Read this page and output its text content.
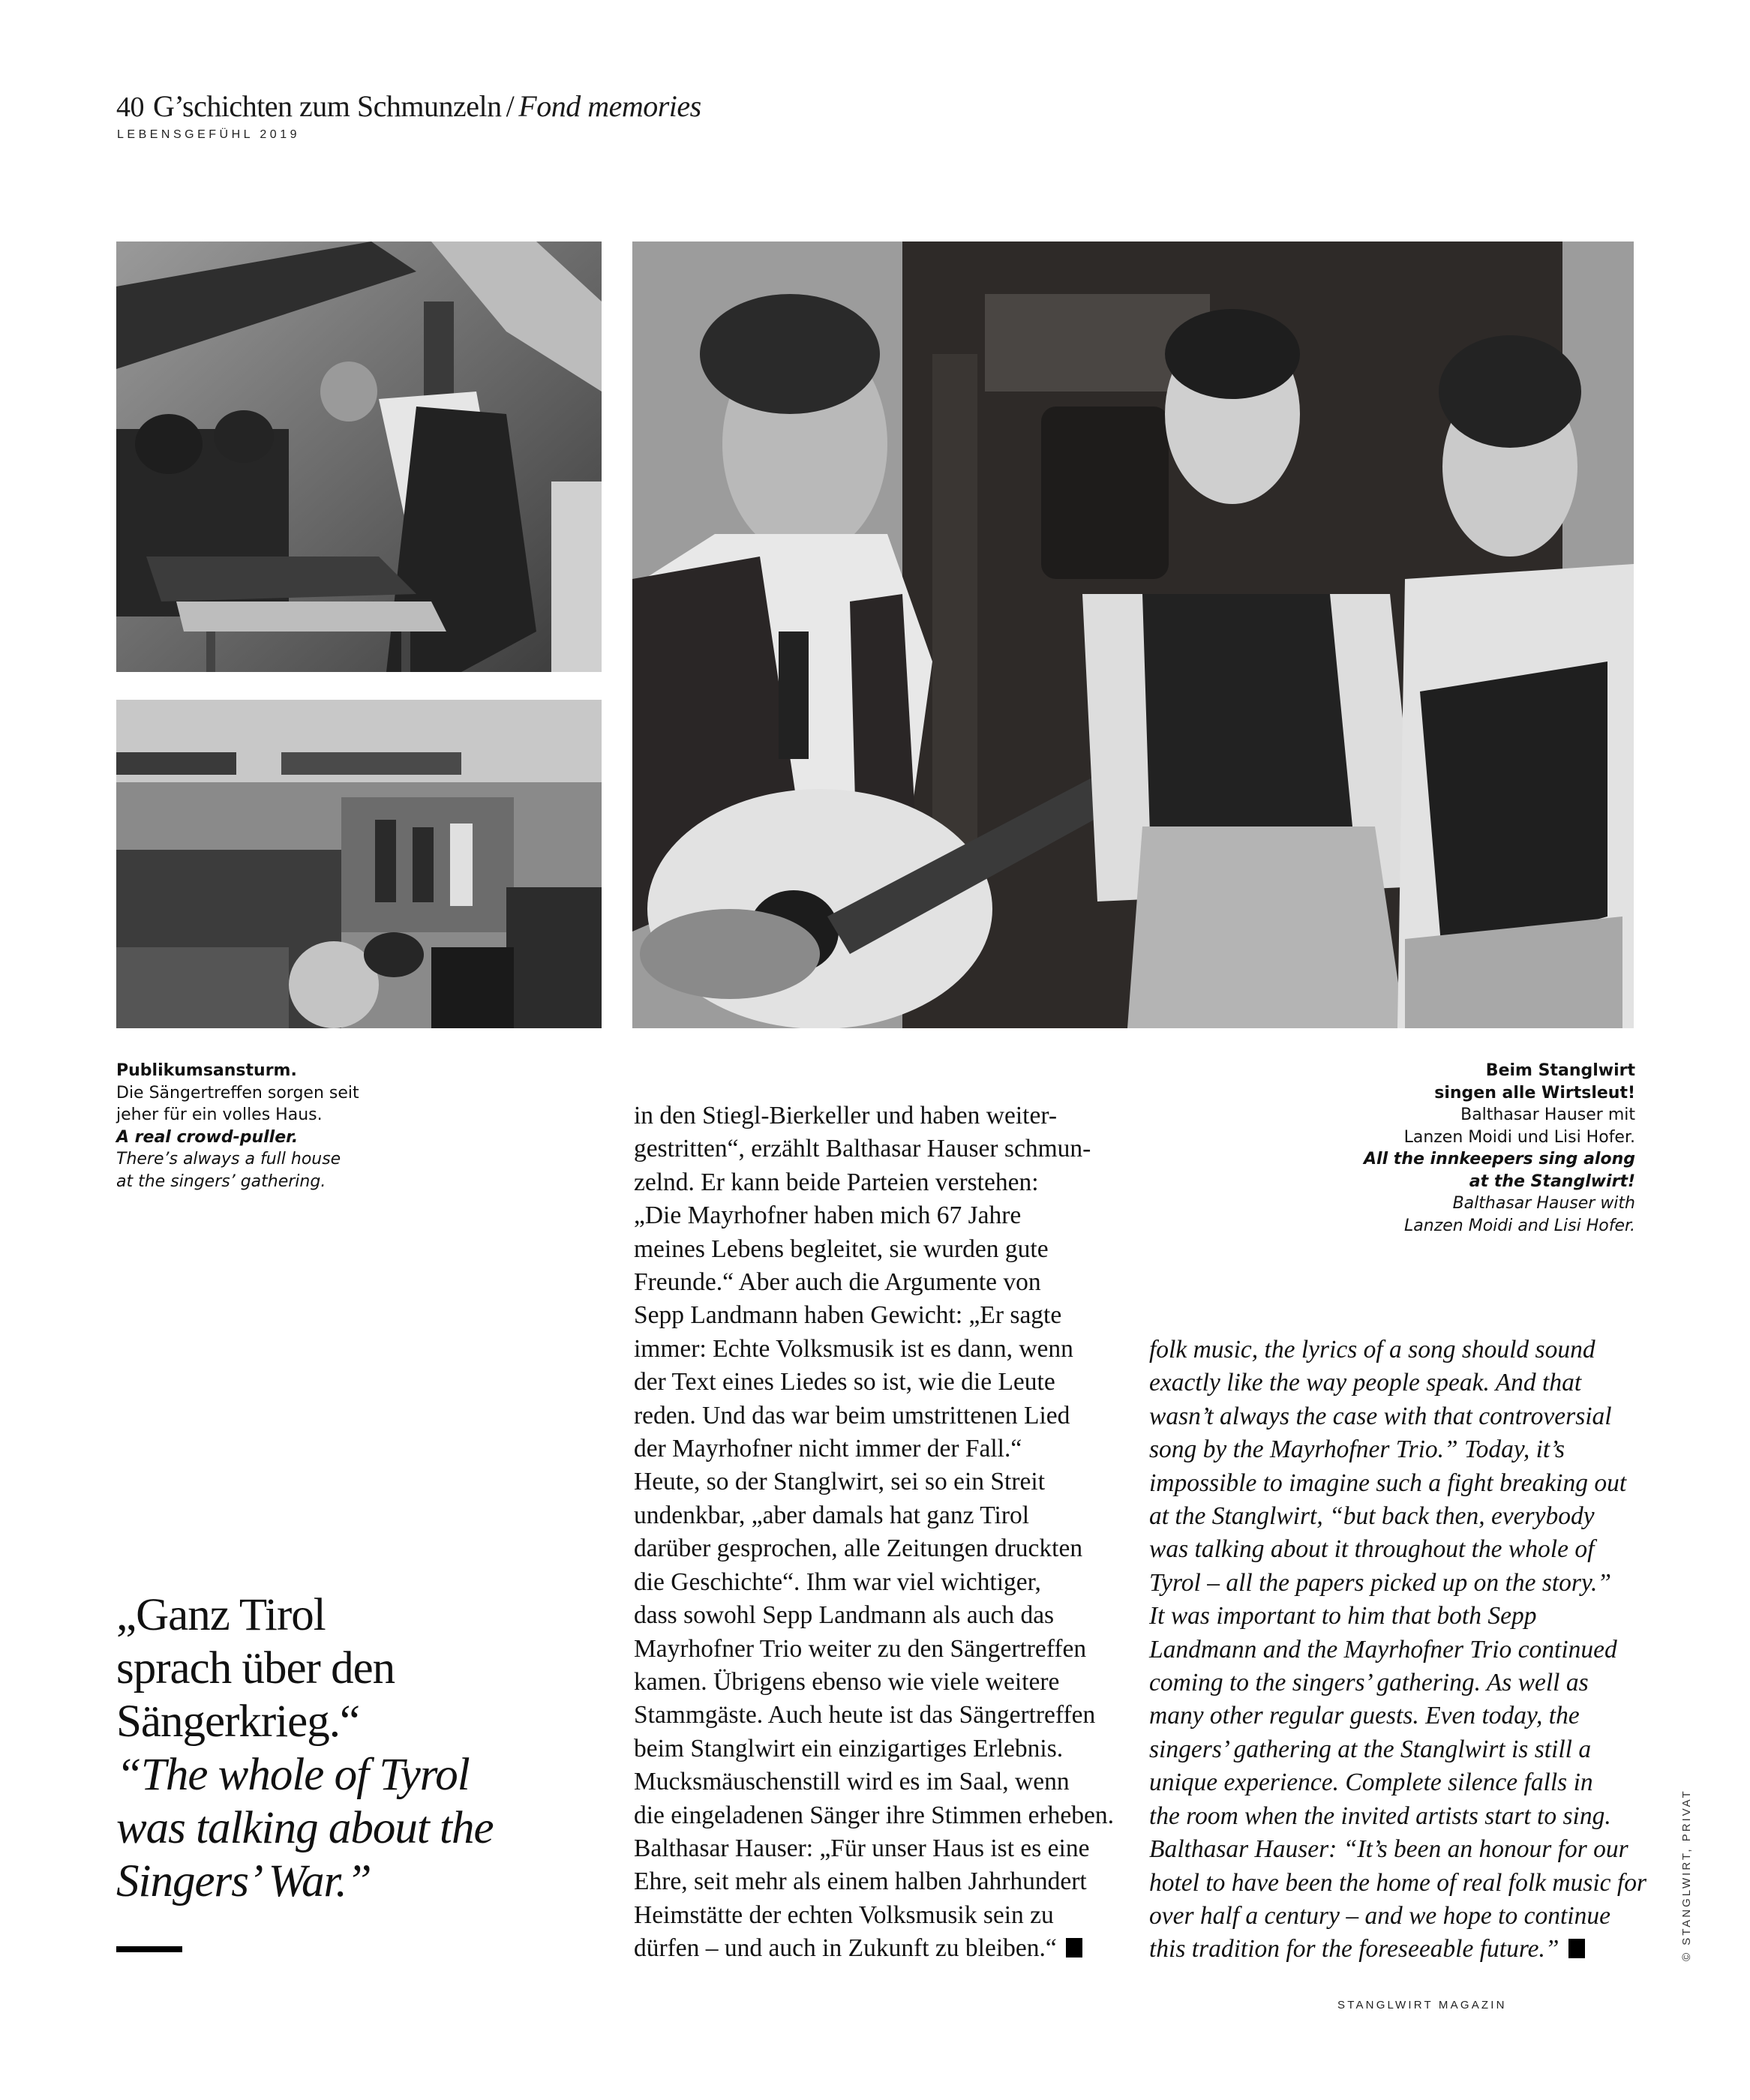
40 G’schichten zum Schmunzeln / Fond memories
LEBENSGEFÜHL 2019
Publikumsansturm.
Die Sängertreffen sorgen seit
jeher für ein volles Haus.
A real crowd-puller.
There’s always a full house
at the singers’ gathering.
Beim Stanglwirt
singen alle Wirtsleut!
Balthasar Hauser mit
Lanzen Moidi und Lisi Hofer.
All the innkeepers sing along
at the Stanglwirt!
Balthasar Hauser with
Lanzen Moidi and Lisi Hofer.
in den Stiegl-Bierkeller und haben weiter-
gestritten“, erzählt Balthasar Hauser schmun-
zelnd. Er kann beide Parteien verstehen:
„Die Mayrhofner haben mich 67 Jahre
meines Lebens begleitet, sie wurden gute
Freunde.“ Aber auch die Argumente von
Sepp Landmann haben Gewicht: „Er sagte
immer: Echte Volksmusik ist es dann, wenn
der Text eines Liedes so ist, wie die Leute
reden. Und das war beim umstrittenen Lied
der Mayrhofner nicht immer der Fall.“
Heute, so der Stanglwirt, sei so ein Streit
undenkbar, „aber damals hat ganz Tirol
darüber gesprochen, alle Zeitungen druckten
die Geschichte“. Ihm war viel wichtiger,
dass sowohl Sepp Landmann als auch das
Mayrhofner Trio weiter zu den Sängertreffen
kamen. Übrigens ebenso wie viele weitere
Stammgäste. Auch heute ist das Sängertreffen
beim Stanglwirt ein einzigartiges Erlebnis.
Mucksmäuschenstill wird es im Saal, wenn
die eingeladenen Sänger ihre Stimmen erheben.
Balthasar Hauser: „Für unser Haus ist es eine
Ehre, seit mehr als einem halben Jahrhundert
Heimstätte der echten Volksmusik sein zu
dürfen – und auch in Zukunft zu bleiben.“
folk music, the lyrics of a song should sound
exactly like the way people speak. And that
wasn’t always the case with that controversial
song by the Mayrhofner Trio.” Today, it’s
impossible to imagine such a fight breaking out
at the Stanglwirt, “but back then, everybody
was talking about it throughout the whole of
Tyrol – all the papers picked up on the story.”
It was important to him that both Sepp
Landmann and the Mayrhofner Trio continued
coming to the singers’ gathering. As well as
many other regular guests. Even today, the
singers’ gathering at the Stanglwirt is still a
unique experience. Complete silence falls in
the room when the invited artists start to sing.
Balthasar Hauser: “It’s been an honour for our
hotel to have been the home of real folk music for
over half a century – and we hope to continue
this tradition for the foreseeable future.”
„Ganz Tirol
sprach über den
Sängerkrieg.“
“The whole of Tyrol
was talking about the
Singers’ War.”
STANGLWIRT MAGAZIN
© STANGLWIRT, PRIVAT
